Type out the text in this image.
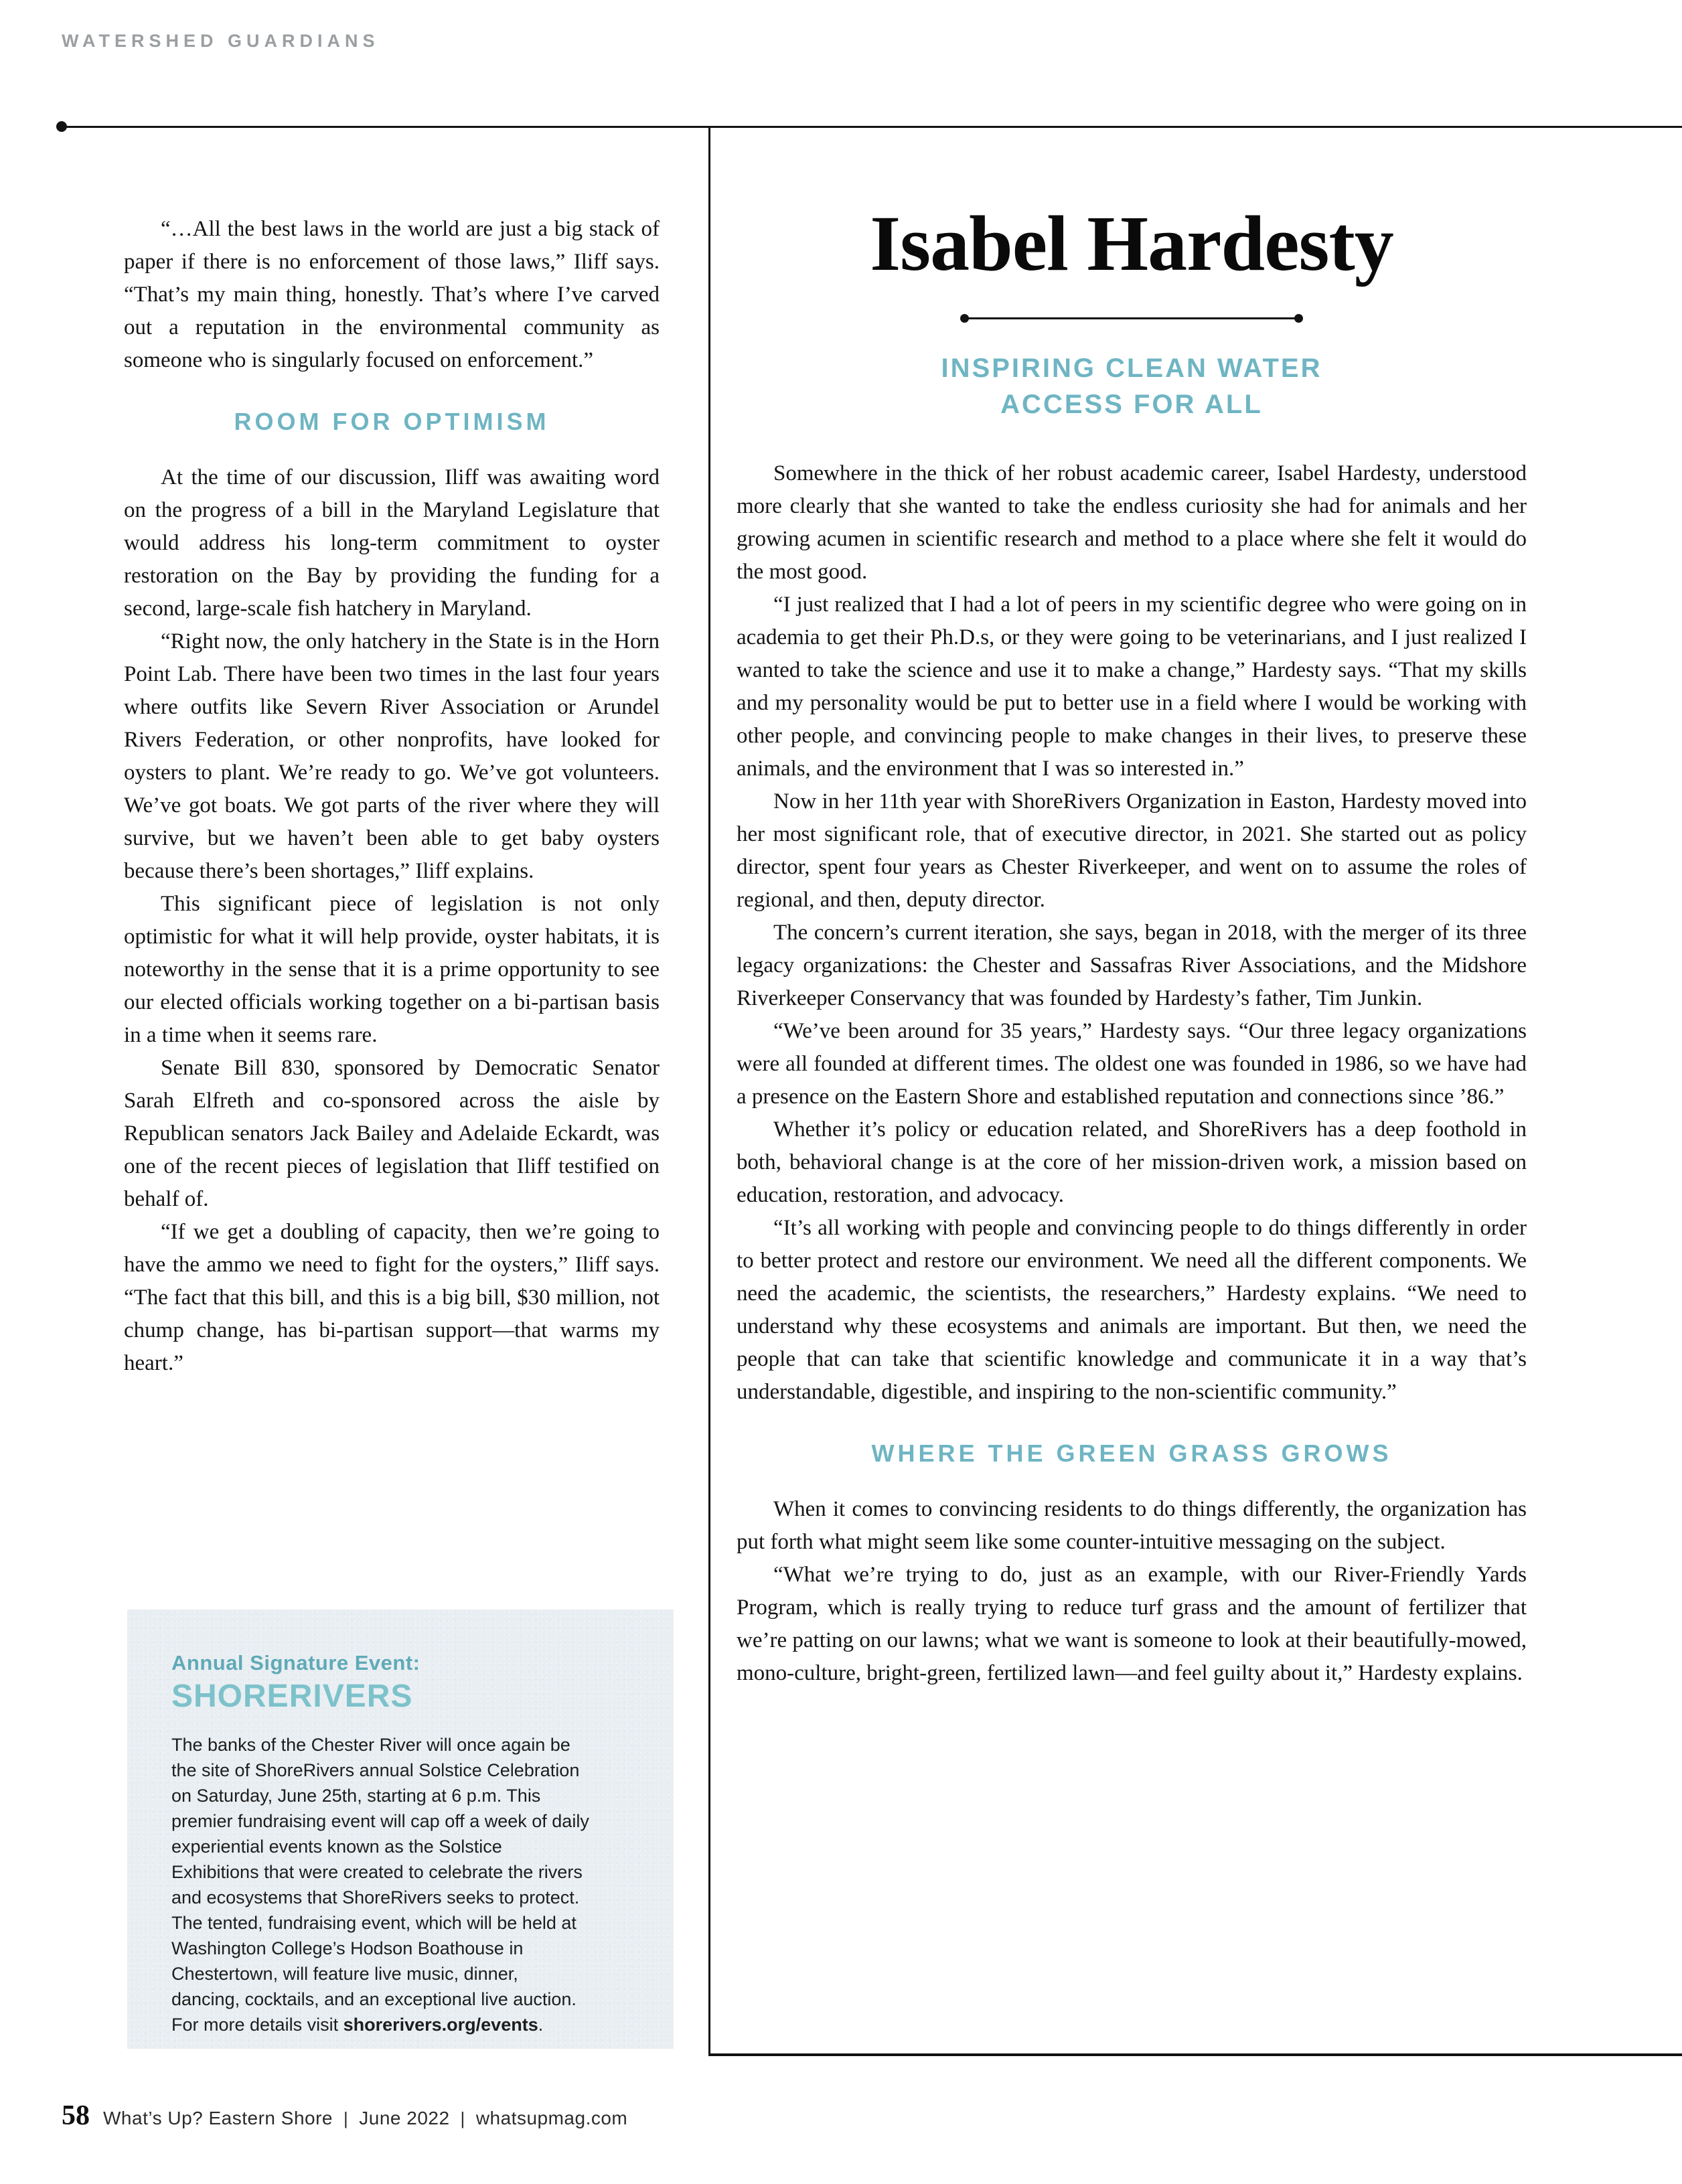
WATERSHED GUARDIANS

“…All the best laws in the world are just a big stack of paper if there is no enforcement of those laws,” Iliff says. “That’s my main thing, honestly. That’s where I’ve carved out a reputation in the environmental community as someone who is singularly focused on enforcement.”

ROOM FOR OPTIMISM

At the time of our discussion, Iliff was awaiting word on the progress of a bill in the Maryland Legislature that would address his long-term commitment to oyster restoration on the Bay by providing the funding for a second, large-scale fish hatchery in Maryland.

“Right now, the only hatchery in the State is in the Horn Point Lab. There have been two times in the last four years where outfits like Severn River Association or Arundel Rivers Federation, or other nonprofits, have looked for oysters to plant. We’re ready to go. We’ve got volunteers. We’ve got boats. We got parts of the river where they will survive, but we haven’t been able to get baby oysters because there’s been shortages,” Iliff explains.

This significant piece of legislation is not only optimistic for what it will help provide, oyster habitats, it is noteworthy in the sense that it is a prime opportunity to see our elected officials working together on a bi-partisan basis in a time when it seems rare.

Senate Bill 830, sponsored by Democratic Senator Sarah Elfreth and co-sponsored across the aisle by Republican senators Jack Bailey and Adelaide Eckardt, was one of the recent pieces of legislation that Iliff testified on behalf of.

“If we get a doubling of capacity, then we’re going to have the ammo we need to fight for the oysters,” Iliff says. “The fact that this bill, and this is a big bill, $30 million, not chump change, has bi-partisan support—that warms my heart.”

Annual Signature Event:

SHORERIVERS

The banks of the Chester River will once again be the site of ShoreRivers annual Solstice Celebration on Saturday, June 25th, starting at 6 p.m. This premier fundraising event will cap off a week of daily experiential events known as the Solstice Exhibitions that were created to celebrate the rivers and ecosystems that ShoreRivers seeks to protect. The tented, fundraising event, which will be held at Washington College’s Hodson Boathouse in Chestertown, will feature live music, dinner, dancing, cocktails, and an exceptional live auction. For more details visit shorerivers.org/events.

Isabel Hardesty
INSPIRING CLEAN WATER
ACCESS FOR ALL

Somewhere in the thick of her robust academic career, Isabel Hardesty, understood more clearly that she wanted to take the endless curiosity she had for animals and her growing acumen in scientific research and method to a place where she felt it would do the most good.

“I just realized that I had a lot of peers in my scientific degree who were going on in academia to get their Ph.D.s, or they were going to be veterinarians, and I just realized I wanted to take the science and use it to make a change,” Hardesty says. “That my skills and my personality would be put to better use in a field where I would be working with other people, and convincing people to make changes in their lives, to preserve these animals, and the environment that I was so interested in.”

Now in her 11th year with ShoreRivers Organization in Easton, Hardesty moved into her most significant role, that of executive director, in 2021. She started out as policy director, spent four years as Chester Riverkeeper, and went on to assume the roles of regional, and then, deputy director.

The concern’s current iteration, she says, began in 2018, with the merger of its three legacy organizations: the Chester and Sassafras River Associations, and the Midshore Riverkeeper Conservancy that was founded by Hardesty’s father, Tim Junkin.

“We’ve been around for 35 years,” Hardesty says. “Our three legacy organizations were all founded at different times. The oldest one was founded in 1986, so we have had a presence on the Eastern Shore and established reputation and connections since ’86.”

Whether it’s policy or education related, and ShoreRivers has a deep foothold in both, behavioral change is at the core of her mission-driven work, a mission based on education, restoration, and advocacy.

“It’s all working with people and convincing people to do things differently in order to better protect and restore our environment. We need all the different components. We need the academic, the scientists, the researchers,” Hardesty explains. “We need to understand why these ecosystems and animals are important. But then, we need the people that can take that scientific knowledge and communicate it in a way that’s understandable, digestible, and inspiring to the non-scientific community.”

WHERE THE GREEN GRASS GROWS

When it comes to convincing residents to do things differently, the organization has put forth what might seem like some counter-intuitive messaging on the subject.

“What we’re trying to do, just as an example, with our River-Friendly Yards Program, which is really trying to reduce turf grass and the amount of fertilizer that we’re patting on our lawns; what we want is someone to look at their beautifully-mowed, mono-culture, bright-green, fertilized lawn—and feel guilty about it,” Hardesty explains.

58 What’s Up? Eastern Shore | June 2022 | whatsupmag.com
